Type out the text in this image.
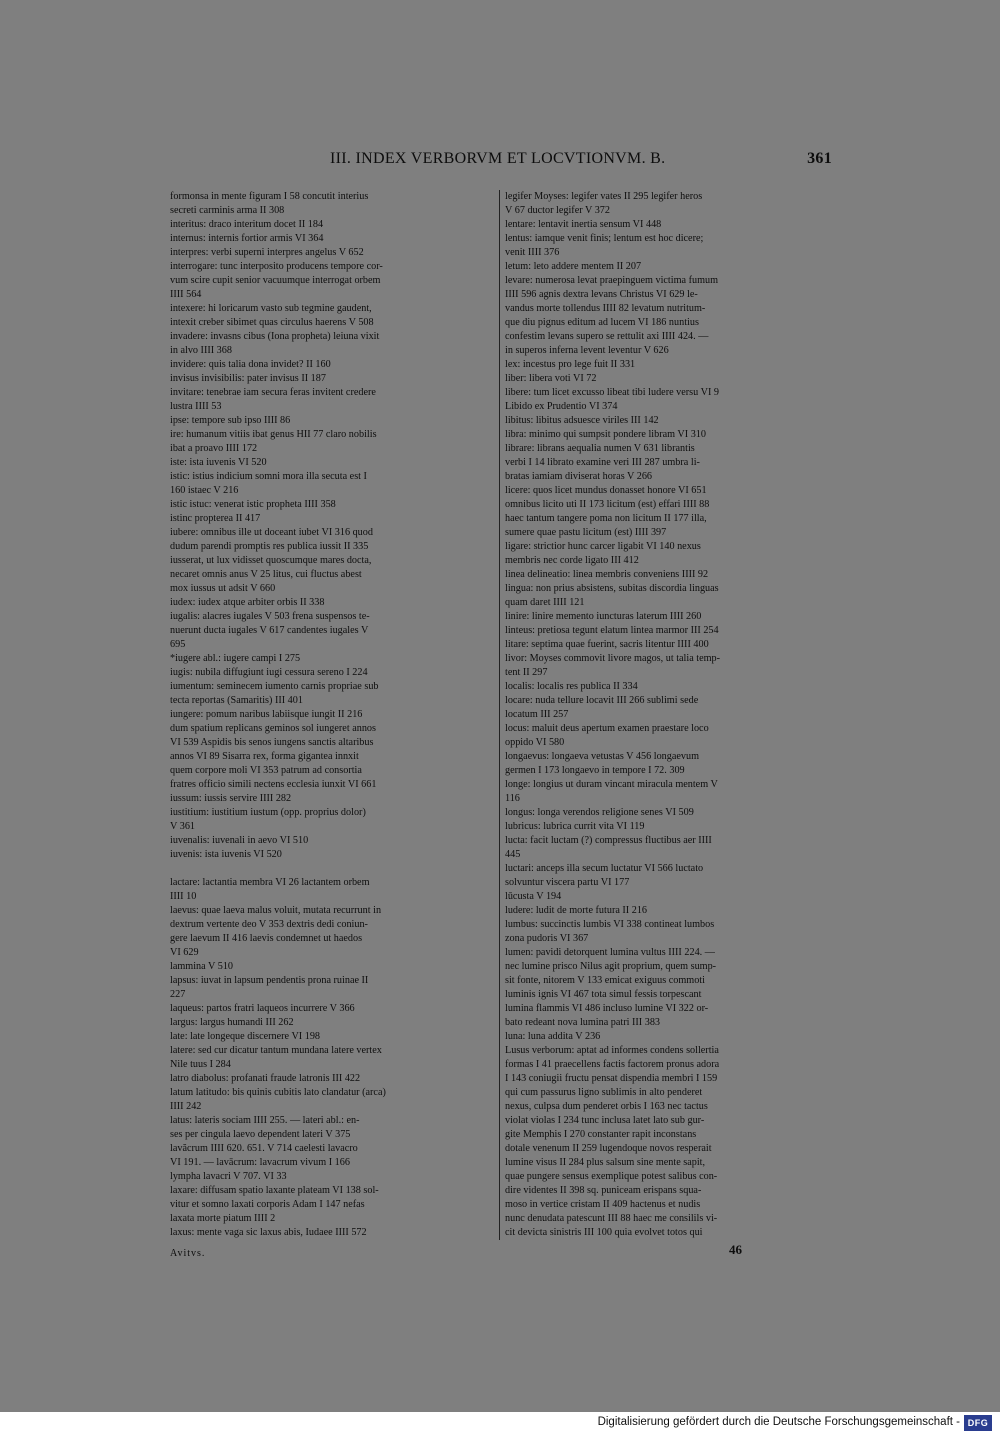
III. INDEX VERBORVM ET LOCVTIONVM. B.	361
formonsa in mente figuram I 58 concutit interius
secreti carminis arma II 308
interitus: draco interitum docet II 184
internus: internis fortior armis VI 364
interpres: verbi superni interpres angelus V 652
interrogare: tunc interposito producens tempore cor-
vum scire cupit senior vacuumque interrogat orbem
IIII 564
intexere: hi loricarum vasto sub tegmine gaudent,
intexit creber sibimet quas circulus haerens V 508
invadere: invasns cibus (Iona propheta) leiuna vixit
in alvo IIII 368
invidere: quis talia dona invidet? II 160
invisus invisibilis: pater invisus II 187
invitare: tenebrae iam secura feras invitent credere
lustra IIII 53
ipse: tempore sub ipso IIII 86
ire: humanum vitiis ibat genus HII 77 claro nobilis
ibat a proavo IIII 172
iste: ista iuvenis VI 520
istic: istius indicium somni mora illa secuta est I
160 istaec V 216
istic istuc: venerat istic propheta IIII 358
istinc propterea II 417
iubere: omnibus ille ut doceant iubet VI 316 quod
dudum parendi promptis res publica iussit II 335
iusserat, ut lux vidisset quoscumque mares docta,
necaret omnis anus V 25 litus, cui fluctus abest
mox iussus ut adsit V 660
iudex: iudex atque arbiter orbis II 338
iugalis: alacres iugales V 503 frena suspensos te-
nuerunt ducta iugales V 617 candentes iugales V
695
*iugere abl.: iugere campi I 275
iugis: nubila diffugiunt iugi cessura sereno I 224
iumentum: seminecem iumento carnis propriae sub
tecta reportas (Samaritis) III 401
iungere: pomum naribus labiisque iungit II 216
dum spatium replicans geminos sol iungeret annos
VI 539 Aspidis bis senos iungens sanctis altaribus
annos VI 89 Sisarra rex, forma gigantea innxit
quem corpore moli VI 353 patrum ad consortia
fratres officio simili nectens ecclesia iunxit VI 661
iussum: iussis servire IIII 282
iustitium: iustitium iustum (opp. proprius dolor)
V 361
iuvenalis: iuvenali in aevo VI 510
iuvenis: ista iuvenis VI 520
lactare: lactantia membra VI 26 lactantem orbem
IIII 10
laevus: quae laeva malus voluit, mutata recurrunt in
dextrum vertente deo V 353 dextris dedi coniun-
gere laevum II 416 laevis condemnet ut haedos
VI 629
lammina V 510
lapsus: iuvat in lapsum pendentis prona ruinae II
227
laqueus: partos fratri laqueos incurrere V 366
largus: largus humandi III 262
late: late longeque discernere VI 198
latere: sed cur dicatur tantum mundana latere vertex
Nile tuus I 284
latro diabolus: profanati fraude latronis III 422
latum latitudo: bis quinis cubitis lato clandatur (arca)
IIII 242
latus: lateris sociam IIII 255. — lateri abl.: en-
ses per cingula laevo dependent lateri V 375
lavăcrum IIII 620. 651. V 714 caelesti lavacro
VI 191. — lavācrum: lavacrum vivum I 166
lympha lavacri V 707. VI 33
laxare: diffusam spatio laxante plateam VI 138 sol-
vitur et somno laxati corporis Adam I 147 nefas
laxata morte piatum IIII 2
laxus: mente vaga sic laxus abis, Iudaee IIII 572
legifer Moyses: legifer vates II 295 legifer heros
V 67 ductor legifer V 372
lentare: lentavit inertia sensum VI 448
lentus: iamque venit finis; lentum est hoc dicere;
venit IIII 376
letum: leto addere mentem II 207
levare: numerosa levat praepinguem victima fumum
IIII 596 agnis dextra levans Christus VI 629 le-
vandus morte tollendus IIII 82 levatum nutritum-
que diu pignus editum ad lucem VI 186 nuntius
confestim levans supero se rettulit axi IIII 424. —
in superos inferna levent leventur V 626
lex: incestus pro lege fuit II 331
liber: libera voti VI 72
libere: tum licet excusso libeat tibi ludere versu VI 9
Libido ex Prudentio VI 374
libitus: libitus adsuesce viriles III 142
libra: minimo qui sumpsit pondere libram VI 310
librare: librans aequalia numen V 631 librantis
verbi I 14 librato examine veri III 287 umbra li-
bratas iamiam diviserat horas V 266
licere: quos licet mundus donasset honore VI 651
omnibus licito uti II 173 licitum (est) effari IIII 88
haec tantum tangere poma non licitum II 177 illa,
sumere quae pastu licitum (est) IIII 397
ligare: strictior hunc carcer ligabit VI 140 nexus
membris nec corde ligato III 412
linea delineatio: linea membris conveniens IIII 92
lingua: non prius absistens, subitas discordia linguas
quam daret IIII 121
linire: linire memento iuncturas laterum IIII 260
linteus: pretiosa tegunt elatum lintea marmor III 254
litare: septima quae fuerint, sacris litentur IIII 400
livor: Moyses commovit livore magos, ut talia temp-
tent II 297
localis: localis res publica II 334
locare: nuda tellure locavit III 266 sublimi sede
locatum III 257
locus: maluit deus apertum examen praestare loco
oppido VI 580
longaevus: longaeva vetustas V 456 longaevum
germen I 173 longaevo in tempore I 72. 309
longe: longius ut duram vincant miracula mentem V
116
longus: longa verendos religione senes VI 509
lubricus: lubrica currit vita VI 119
lucta: facit luctam (?) compressus fluctibus aer IIII
445
luctari: anceps illa secum luctatur VI 566 luctato
solvuntur viscera partu VI 177
lūcusta V 194
ludere: ludit de morte futura II 216
lumbus: succinctis lumbis VI 338 contineat lumbos
zona pudoris VI 367
lumen: pavidi detorquent lumina vultus IIII 224. —
nec lumine prisco Nilus agit proprium, quem sump-
sit fonte, nitorem V 133 emicat exiguus commoti
luminis ignis VI 467 tota simul fessis torpescant
lumina flammis VI 486 incluso lumine VI 322 or-
bato redeant nova lumina patri III 383
luna: luna addita V 236
Lusus verborum: aptat ad informes condens sollertia
formas I 41 praecellens factis factorem pronus adora
I 143 coniugii fructu pensat dispendia membri I 159
qui cum passurus ligno sublimis in alto penderet
nexus, culpsa dum penderet orbis I 163 nec tactus
violat violas I 234 tunc inclusa latet lato sub gur-
gite Memphis I 270 constanter rapit inconstans
dotale venenum II 259 lugendoque novos resperait
lumine visus II 284 plus salsum sine mente sapit,
quae pungere sensus exemplique potest salibus con-
dire videntes II 398 sq. puniceam erispans squa-
moso in vertice cristam II 409 hactenus et nudis
nunc denudata patescunt III 88 haec me consilils vi-
cit devicta sinistris III 100 quia evolvet totos qui
Avitvs.	46
Digitalisierung gefördert durch die Deutsche Forschungsgemeinschaft - DFG
